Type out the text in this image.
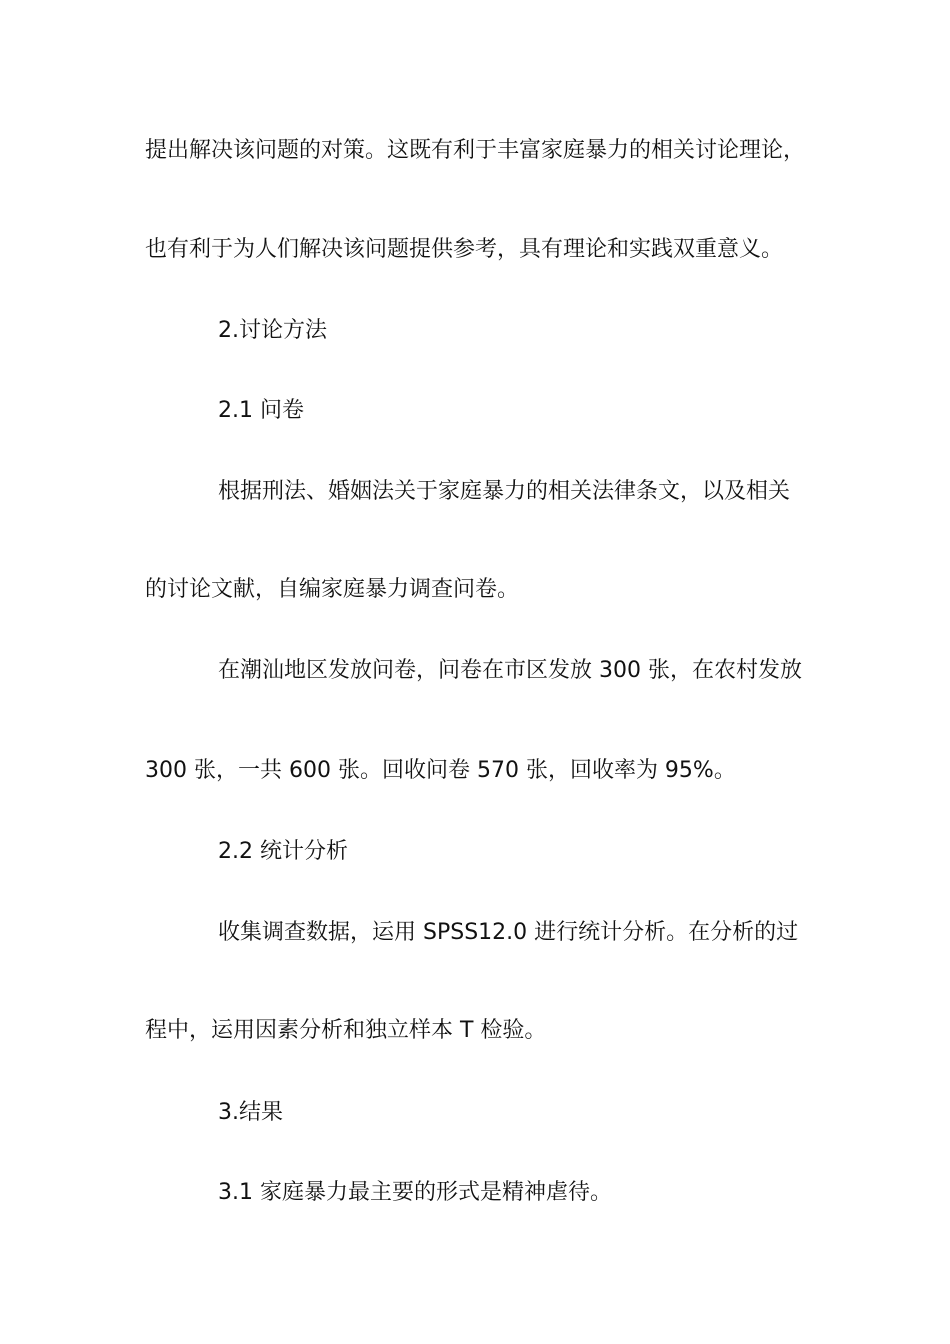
提出解决该问题的对策。这既有利于丰富家庭暴力的相关讨论理论，
也有利于为人们解决该问题提供参考，具有理论和实践双重意义。
2.讨论方法
2.1 问卷
根据刑法、婚姻法关于家庭暴力的相关法律条文，以及相关
的讨论文献，自编家庭暴力调查问卷。
在潮汕地区发放问卷，问卷在市区发放 300 张，在农村发放
300 张，一共 600 张。回收问卷 570 张，回收率为 95%。
2.2 统计分析
收集调查数据，运用 SPSS12.0 进行统计分析。在分析的过
程中，运用因素分析和独立样本 T 检验。
3.结果
3.1 家庭暴力最主要的形式是精神虐待。
